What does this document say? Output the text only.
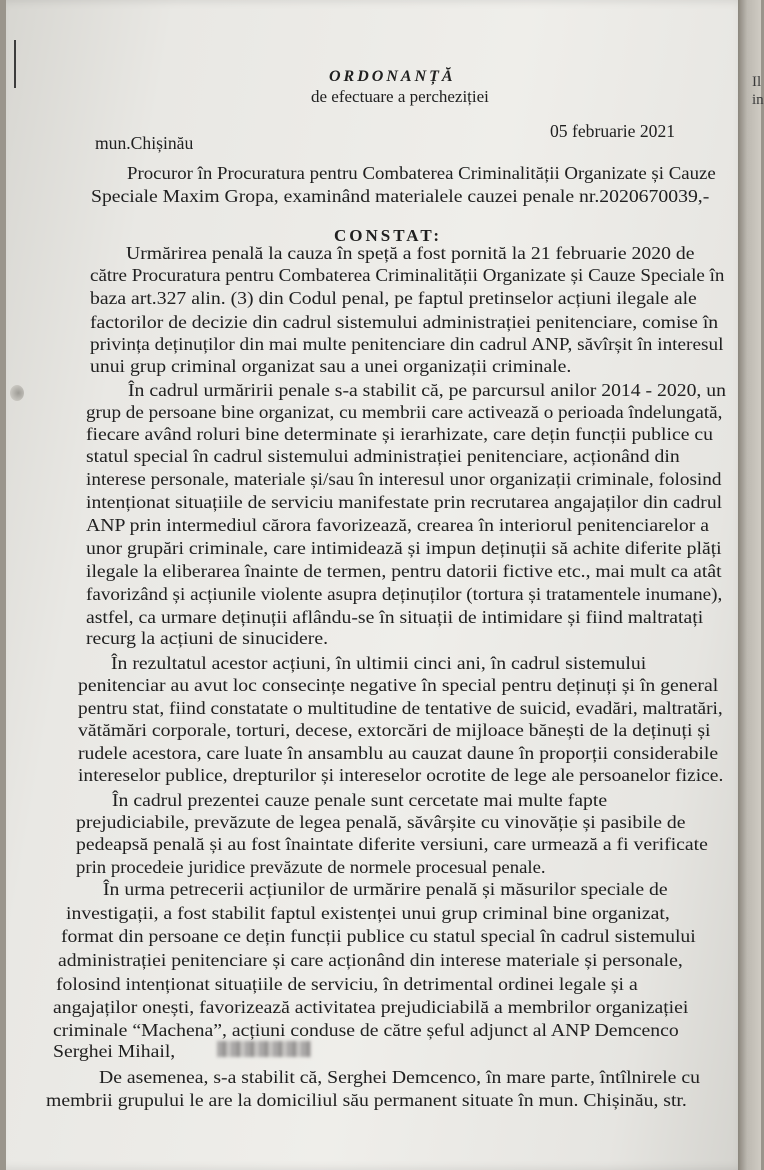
ORDONANȚĂ
de efectuare a percheziției
mun.Chișinău
05 februarie 2021
CONSTAT:
Procuror în Procuratura pentru Combaterea Criminalității Organizate și Cauze
Speciale Maxim Gropa, examinând materialele cauzei penale nr.2020670039,-
Urmărirea penală la cauza în speță a fost pornită la 21 februarie 2020 de
către Procuratura pentru Combaterea Criminalității Organizate și Cauze Speciale în
baza art.327 alin. (3) din Codul penal, pe faptul pretinselor acțiuni ilegale ale
factorilor de decizie din cadrul sistemului administrației penitenciare, comise în
privința deținuților din mai multe penitenciare din cadrul ANP, săvîrșit în interesul
unui grup criminal organizat sau a unei organizații criminale.
În cadrul urmăririi penale s-a stabilit că, pe parcursul anilor 2014 - 2020, un
grup de persoane bine organizat, cu membrii care activează o perioada îndelungată,
fiecare având roluri bine determinate și ierarhizate, care dețin funcții publice cu
statul special în cadrul sistemului administrației penitenciare, acționând din
interese personale, materiale și/sau în interesul unor organizații criminale, folosind
intenționat situațiile de serviciu manifestate prin recrutarea angajaților din cadrul
ANP prin intermediul cărora favorizează, crearea în interiorul penitenciarelor a
unor grupări criminale, care intimidează și impun deținuții să achite diferite plăți
ilegale la eliberarea înainte de termen, pentru datorii fictive etc., mai mult ca atât
favorizând și acțiunile violente asupra deținuților (tortura și tratamentele inumane),
astfel, ca urmare deținuții aflându-se în situații de intimidare și fiind maltratați
recurg la acțiuni de sinucidere.
În rezultatul acestor acțiuni, în ultimii cinci ani, în cadrul sistemului
penitenciar au avut loc consecințe negative în special pentru deținuți și în general
pentru stat, fiind constatate o multitudine de tentative de suicid, evadări, maltratări,
vătămări corporale, torturi, decese, extorcări de mijloace bănești de la deținuți și
rudele acestora, care luate în ansamblu au cauzat daune în proporții considerabile
intereselor publice, drepturilor și intereselor ocrotite de lege ale persoanelor fizice.
În cadrul prezentei cauze penale sunt cercetate mai multe fapte
prejudiciabile, prevăzute de legea penală, săvârșite cu vinovăție și pasibile de
pedeapsă penală și au fost înaintate diferite versiuni, care urmează a fi verificate
prin procedeie juridice prevăzute de normele procesual penale.
În urma petrecerii acțiunilor de urmărire penală și măsurilor speciale de
investigații, a fost stabilit faptul existenței unui grup criminal bine organizat,
format din persoane ce dețin funcții publice cu statul special în cadrul sistemului
administrației penitenciare și care acționând din interese materiale și personale,
folosind intenționat situațiile de serviciu, în detrimental ordinei legale și a
angajaților onești, favorizează activitatea prejudiciabilă a membrilor organizației
criminale “Machena”, acțiuni conduse de către șeful adjunct al ANP Demcenco
Serghei Mihail,
De asemenea, s-a stabilit că, Serghei Demcenco, în mare parte, întîlnirele cu
membrii grupului le are la domiciliul său permanent situate în mun. Chișinău, str.
Il
in
